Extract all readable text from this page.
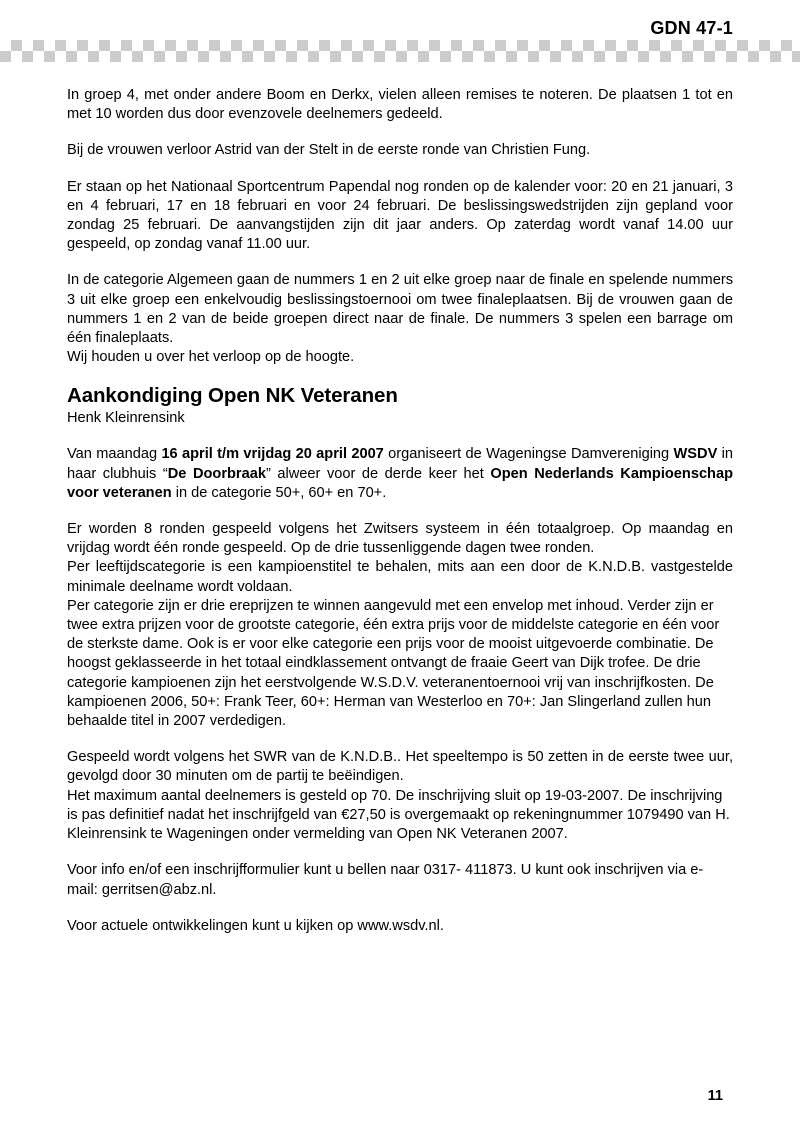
GDN 47-1

In groep 4, met onder andere Boom en Derkx, vielen alleen remises te noteren. De plaatsen 1 tot en met 10 worden dus door evenzovele deelnemers gedeeld.

Bij de vrouwen verloor Astrid van der Stelt in de eerste ronde van Christien Fung.

Er staan op het Nationaal Sportcentrum Papendal nog ronden op de kalender voor: 20 en 21 januari, 3 en 4 februari, 17 en 18 februari en voor 24 februari. De beslissingswedstrijden zijn gepland voor zondag 25 februari. De aanvangstijden zijn dit jaar anders. Op zaterdag wordt vanaf 14.00 uur gespeeld, op zondag vanaf 11.00 uur.

In de categorie Algemeen gaan de nummers 1 en 2 uit elke groep naar de finale en spelende nummers 3 uit elke groep een enkelvoudig beslissingstoernooi om twee finaleplaatsen. Bij de vrouwen gaan de nummers 1 en 2 van de beide groepen direct naar de finale. De nummers 3 spelen een barrage om één finaleplaats.

Wij houden u over het verloop op de hoogte.

Aankondiging Open NK Veteranen
Henk Kleinrensink

Van maandag 16 april t/m vrijdag 20 april 2007 organiseert de Wageningse Damvereniging WSDV in haar clubhuis “De Doorbraak” alweer voor de derde keer het Open Nederlands Kampioenschap voor veteranen in de categorie 50+, 60+ en 70+.

Er worden 8 ronden gespeeld volgens het Zwitsers systeem in één totaalgroep. Op maandag en vrijdag wordt één ronde gespeeld. Op de drie tussenliggende dagen twee ronden.

Per leeftijdscategorie is een kampioenstitel te behalen, mits aan een door de K.N.D.B. vastgestelde minimale deelname wordt voldaan.

Per categorie zijn er drie ereprijzen te winnen aangevuld met een envelop met inhoud. Verder zijn er twee extra prijzen voor de grootste categorie, één extra prijs voor de middelste categorie en één voor de sterkste dame. Ook is er voor elke categorie een prijs voor de mooist uitgevoerde combinatie. De hoogst geklasseerde in het totaal eindklassement ontvangt de fraaie Geert van Dijk trofee. De drie categorie kampioenen zijn het eerstvolgende W.S.D.V. veteranentoernooi vrij van inschrijfkosten. De kampioenen 2006, 50+: Frank Teer, 60+: Herman van Westerloo en 70+: Jan Slingerland zullen hun behaalde titel in 2007 verdedigen.

Gespeeld wordt volgens het SWR van de K.N.D.B.. Het speeltempo is 50 zetten in de eerste twee uur, gevolgd door 30 minuten om de partij te beëindigen.

Het maximum aantal deelnemers is gesteld op 70. De inschrijving sluit op 19-03-2007. De inschrijving is pas definitief nadat het inschrijfgeld van €27,50 is overgemaakt op rekeningnummer 1079490 van H. Kleinrensink te Wageningen onder vermelding van Open NK Veteranen 2007.

Voor info en/of een inschrijfformulier kunt u bellen naar 0317- 411873. U kunt ook inschrijven via e-mail: gerritsen@abz.nl.

Voor actuele ontwikkelingen kunt u kijken op www.wsdv.nl.

11
